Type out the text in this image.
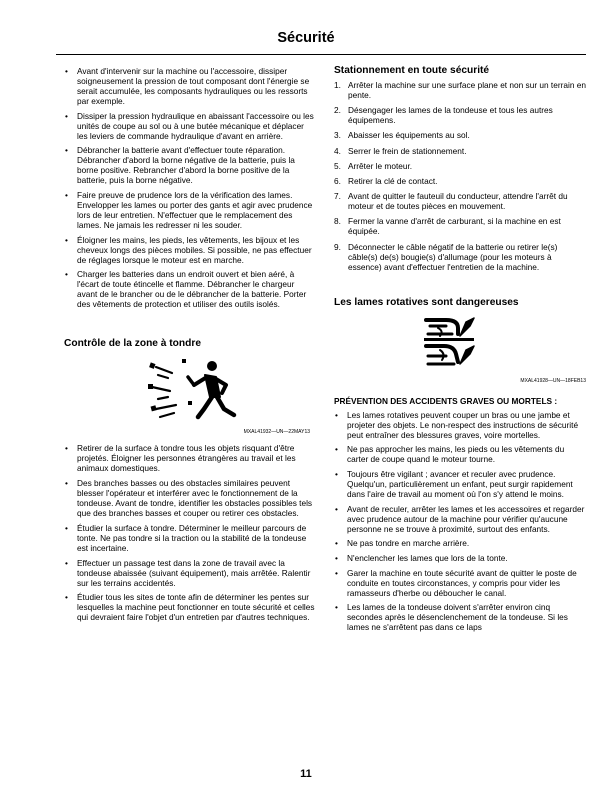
Sécurité
• Avant d'intervenir sur la machine ou l'accessoire, dissiper soigneusement la pression de tout composant dont l'énergie se serait accumulée, les composants hydrauliques ou les ressorts par exemple.
• Dissiper la pression hydraulique en abaissant l'accessoire ou les unités de coupe au sol ou à une butée mécanique et déplacer les leviers de commande hydraulique d'avant en arrière.
• Débrancher la batterie avant d'effectuer toute réparation. Débrancher d'abord la borne négative de la batterie, puis la borne positive. Rebrancher d'abord la borne positive de la batterie, puis la borne négative.
• Faire preuve de prudence lors de la vérification des lames. Envelopper les lames ou porter des gants et agir avec prudence lors de leur entretien. N'effectuer que le remplacement des lames. Ne jamais les redresser ni les souder.
• Éloigner les mains, les pieds, les vêtements, les bijoux et les cheveux longs des pièces mobiles. Si possible, ne pas effectuer de réglages lorsque le moteur est en marche.
• Charger les batteries dans un endroit ouvert et bien aéré, à l'écart de toute étincelle et flamme. Débrancher le chargeur avant de le brancher ou de le débrancher de la batterie. Porter des vêtements de protection et utiliser des outils isolés.
Contrôle de la zone à tondre
MXAL41932—UN—22MAY13
• Retirer de la surface à tondre tous les objets risquant d'être projetés. Éloigner les personnes étrangères au travail et les animaux domestiques.
• Des branches basses ou des obstacles similaires peuvent blesser l'opérateur et interférer avec le fonctionnement de la tondeuse. Avant de tondre, identifier les obstacles possibles tels que des branches basses et couper ou retirer ces obstacles.
• Étudier la surface à tondre. Déterminer le meilleur parcours de tonte. Ne pas tondre si la traction ou la stabilité de la tondeuse est incertaine.
• Effectuer un passage test dans la zone de travail avec la tondeuse abaissée (suivant équipement), mais arrêtée. Ralentir sur les terrains accidentés.
• Étudier tous les sites de tonte afin de déterminer les pentes sur lesquelles la machine peut fonctionner en toute sécurité et celles qui devraient faire l'objet d'un entretien par d'autres techniques.
Stationnement en toute sécurité
1. Arrêter la machine sur une surface plane et non sur un terrain en pente.
2. Désengager les lames de la tondeuse et tous les autres équipemens.
3. Abaisser les équipements au sol.
4. Serrer le frein de stationnement.
5. Arrêter le moteur.
6. Retirer la clé de contact.
7. Avant de quitter le fauteuil du conducteur, attendre l'arrêt du moteur et de toutes pièces en mouvement.
8. Fermer la vanne d'arrêt de carburant, si la machine en est équipée.
9. Déconnecter le câble négatif de la batterie ou retirer le(s) câble(s) de(s) bougie(s) d'allumage (pour les moteurs à essence) avant d'effectuer l'entretien de la machine.
Les lames rotatives sont dangereuses
MXAL41928—UN—18FEB13
PRÉVENTION DES ACCIDENTS GRAVES OU MORTELS :
• Les lames rotatives peuvent couper un bras ou une jambe et projeter des objets. Le non-respect des instructions de sécurité peut entraîner des blessures graves, voire mortelles.
• Ne pas approcher les mains, les pieds ou les vêtements du carter de coupe quand le moteur tourne.
• Toujours être vigilant ; avancer et reculer avec prudence. Quelqu'un, particulièrement un enfant, peut surgir rapidement dans l'aire de travail au moment où l'on s'y attend le moins.
• Avant de reculer, arrêter les lames et les accessoires et regarder avec prudence autour de la machine pour vérifier qu'aucune personne ne se trouve à proximité, surtout des enfants.
• Ne pas tondre en marche arrière.
• N'enclencher les lames que lors de la tonte.
• Garer la machine en toute sécurité avant de quitter le poste de conduite en toutes circonstances, y compris pour vider les ramasseurs d'herbe ou déboucher le canal.
• Les lames de la tondeuse doivent s'arrêter environ cinq secondes après le désenclenchement de la tondeuse. Si les lames ne s'arrêtent pas dans ce laps
11
